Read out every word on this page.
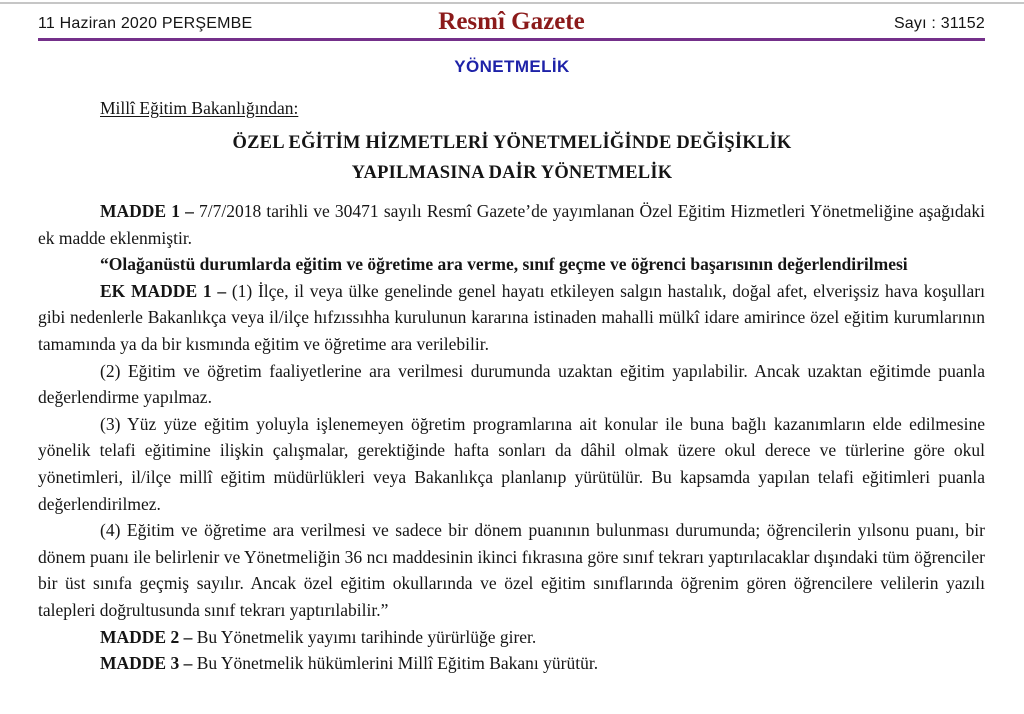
11 Haziran 2020 PERŞEMBE	Resmî Gazete	Sayı : 31152
YÖNETMELİK
Millî Eğitim Bakanlığından:
ÖZEL EĞİTİM HİZMETLERİ YÖNETMELİĞİNDE DEĞİŞİKLİK
YAPILMASINA DAİR YÖNETMELİK

MADDE 1 – 7/7/2018 tarihli ve 30471 sayılı Resmî Gazete’de yayımlanan Özel Eğitim Hizmetleri Yönetmeliğine aşağıdaki ek madde eklenmiştir.

“Olağanüstü durumlarda eğitim ve öğretime ara verme, sınıf geçme ve öğrenci başarısının değerlendirilmesi

EK MADDE 1 – (1) İlçe, il veya ülke genelinde genel hayatı etkileyen salgın hastalık, doğal afet, elverişsiz hava koşulları gibi nedenlerle Bakanlıkça veya il/ilçe hıfzıssıhha kurulunun kararına istinaden mahalli mülkî idare amirince özel eğitim kurumlarının tamamında ya da bir kısmında eğitim ve öğretime ara verilebilir.

(2) Eğitim ve öğretim faaliyetlerine ara verilmesi durumunda uzaktan eğitim yapılabilir. Ancak uzaktan eğitimde puanla değerlendirme yapılmaz.

(3) Yüz yüze eğitim yoluyla işlenemeyen öğretim programlarına ait konular ile buna bağlı kazanımların elde edilmesine yönelik telafi eğitimine ilişkin çalışmalar, gerektiğinde hafta sonları da dâhil olmak üzere okul derece ve türlerine göre okul yönetimleri, il/ilçe millî eğitim müdürlükleri veya Bakanlıkça planlanıp yürütülür. Bu kapsamda yapılan telafi eğitimleri puanla değerlendirilmez.

(4) Eğitim ve öğretime ara verilmesi ve sadece bir dönem puanının bulunması durumunda; öğrencilerin yılsonu puanı, bir dönem puanı ile belirlenir ve Yönetmeliğin 36 ncı maddesinin ikinci fıkrasına göre sınıf tekrarı yaptırılacaklar dışındaki tüm öğrenciler bir üst sınıfa geçmiş sayılır. Ancak özel eğitim okullarında ve özel eğitim sınıflarında öğrenim gören öğrencilere velilerin yazılı talepleri doğrultusunda sınıf tekrarı yaptırılabilir.”

MADDE 2 – Bu Yönetmelik yayımı tarihinde yürürlüğe girer.

MADDE 3 – Bu Yönetmelik hükümlerini Millî Eğitim Bakanı yürütür.
